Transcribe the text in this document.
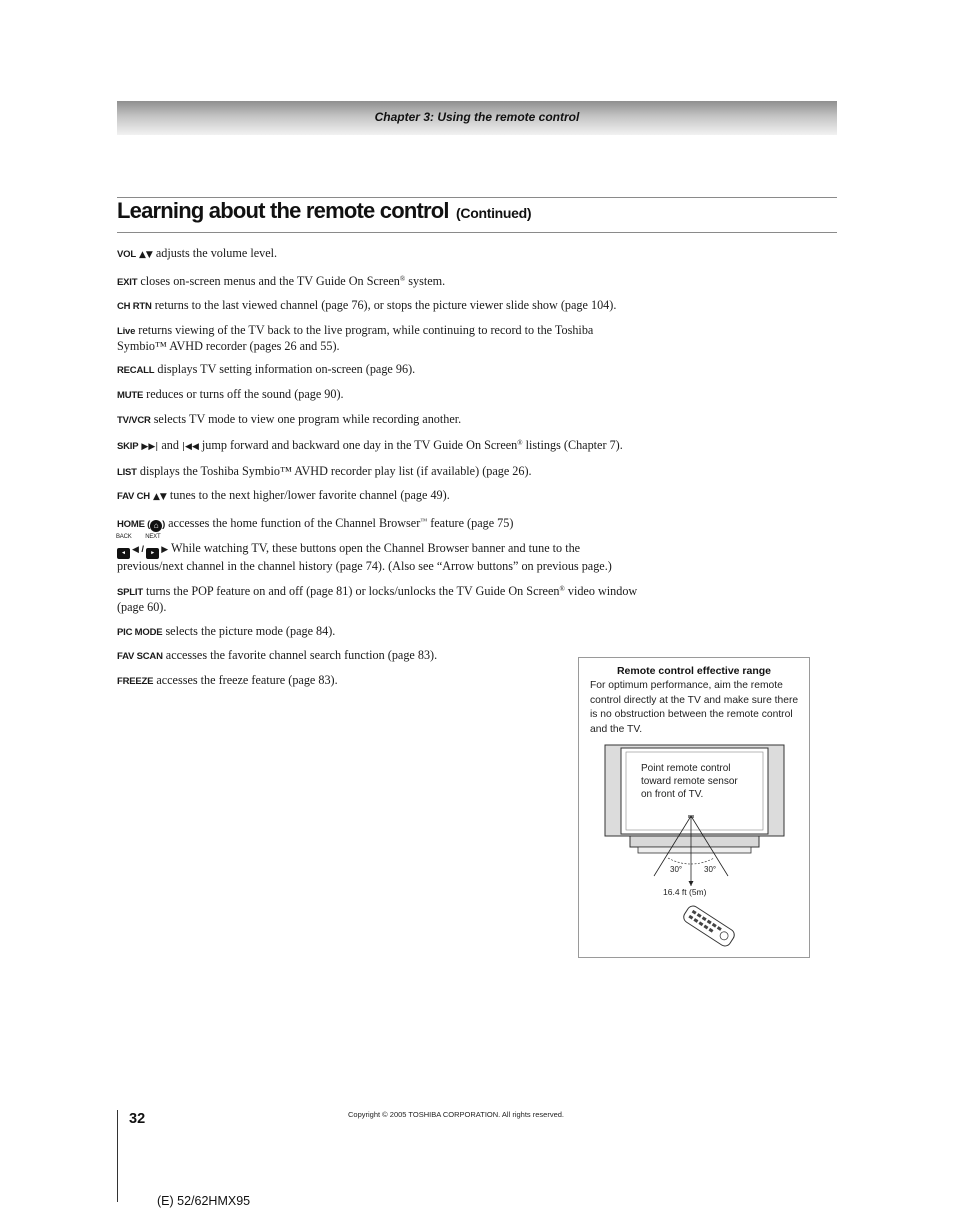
Chapter 3: Using the remote control
Learning about the remote control (Continued)

VOL ▲▼ adjusts the volume level.

EXIT closes on-screen menus and the TV Guide On Screen® system.

CH RTN returns to the last viewed channel (page 76), or stops the picture viewer slide show (page 104).

Live returns viewing of the TV back to the live program, while continuing to record to the Toshiba Symbio™ AVHD recorder (pages 26 and 55).

RECALL displays TV setting information on-screen (page 96).

MUTE reduces or turns off the sound (page 90).

TV/VCR selects TV mode to view one program while recording another.

SKIP ▶▶| and |◀◀ jump forward and backward one day in the TV Guide On Screen® listings (Chapter 7).

LIST displays the Toshiba Symbio™ AVHD recorder play list (if available) (page 26).

FAV CH ▲▼ tunes to the next higher/lower favorite channel (page 49).

HOME ( ⌂ ) accesses the home function of the Channel Browser™ feature (page 75)

BACK
◄ ◀ /
NEXT
► ▶ While watching TV, these buttons open the Channel Browser banner and tune to the previous/next channel in the channel history (page 74). (Also see “Arrow buttons” on previous page.)

SPLIT turns the POP feature on and off (page 81) or locks/unlocks the TV Guide On Screen® video window (page 60).

PIC MODE selects the picture mode (page 84).

FAV SCAN accesses the favorite channel search function (page 83).

FREEZE accesses the freeze feature (page 83).

Remote control effective range

For optimum performance, aim the remote control directly at the TV and make sure there is no obstruction between the remote control and the TV.

Point remote control
toward remote sensor
on front of TV.
30°	30°
16.4 ft (5m)
32	Copyright © 2005 TOSHIBA CORPORATION. All rights reserved.
(E) 52/62HMX95
